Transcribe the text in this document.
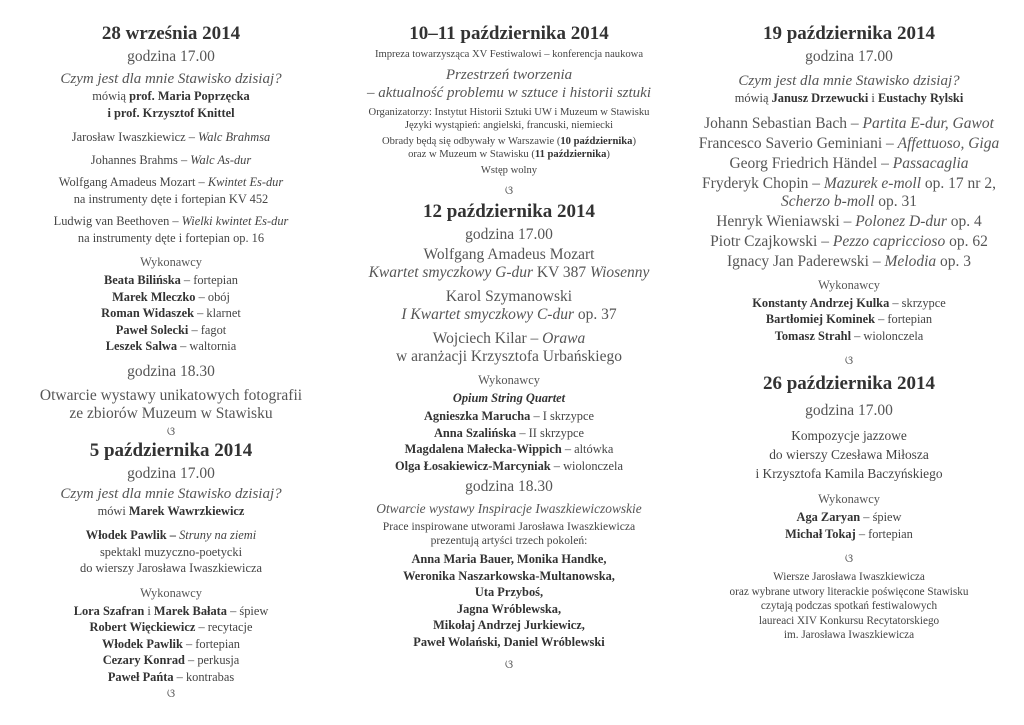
28 września 2014
godzina 17.00
Czym jest dla mnie Stawisko dzisiaj?
mówią prof. Maria Poprzęcka
i prof. Krzysztof Knittel
Jarosław Iwaszkiewicz – Walc Brahmsa
Johannes Brahms – Walc As-dur
Wolfgang Amadeus Mozart – Kwintet Es-dur
na instrumenty dęte i fortepian KV 452
Ludwig van Beethoven – Wielki kwintet Es-dur
na instrumenty dęte i fortepian op. 16
Wykonawcy
Beata Bilińska – fortepian
Marek Mleczko – obój
Roman Widaszek – klarnet
Paweł Solecki – fagot
Leszek Salwa – waltornia
godzina 18.30
Otwarcie wystawy unikatowych fotografii
ze zbiorów Muzeum w Stawisku
ଓ
5 października 2014
godzina 17.00
Czym jest dla mnie Stawisko dzisiaj?
mówi Marek Wawrzkiewicz
Włodek Pawlik – Struny na ziemi
spektakl muzyczno-poetycki
do wierszy Jarosława Iwaszkiewicza
Wykonawcy
Lora Szafran i Marek Bałata – śpiew
Robert Więckiewicz – recytacje
Włodek Pawlik – fortepian
Cezary Konrad – perkusja
Paweł Pańta – kontrabas
ଓ
10–11 października 2014
Impreza towarzysząca XV Festiwalowi – konferencja naukowa
Przestrzeń tworzenia
– aktualność problemu w sztuce i historii sztuki
Organizatorzy: Instytut Historii Sztuki UW i Muzeum w Stawisku
Języki wystąpień: angielski, francuski, niemiecki
Obrady będą się odbywały w Warszawie (10 października)
oraz w Muzeum w Stawisku (11 października)
Wstęp wolny
ଓ
12 października 2014
godzina 17.00
Wolfgang Amadeus Mozart
Kwartet smyczkowy G-dur KV 387 Wiosenny
Karol Szymanowski
I Kwartet smyczkowy C-dur op. 37
Wojciech Kilar – Orawa
w aranżacji Krzysztofa Urbańskiego
Wykonawcy
Opium String Quartet
Agnieszka Marucha – I skrzypce
Anna Szalińska – II skrzypce
Magdalena Małecka-Wippich – altówka
Olga Łosakiewicz-Marcyniak – wiolonczela
godzina 18.30
Otwarcie wystawy Inspiracje Iwaszkiewiczowskie
Prace inspirowane utworami Jarosława Iwaszkiewicza
prezentują artyści trzech pokoleń:
Anna Maria Bauer, Monika Handke,
Weronika Naszarkowska-Multanowska,
Uta Przyboś,
Jagna Wróblewska,
Mikołaj Andrzej Jurkiewicz,
Paweł Wolański, Daniel Wróblewski
ଓ
19 października 2014
godzina 17.00
Czym jest dla mnie Stawisko dzisiaj?
mówią Janusz Drzewucki i Eustachy Rylski
Johann Sebastian Bach – Partita E-dur, Gawot
Francesco Saverio Geminiani – Affettuoso, Giga
Georg Friedrich Händel – Passacaglia
Fryderyk Chopin – Mazurek e-moll op. 17 nr 2,
Scherzo b-moll op. 31
Henryk Wieniawski – Polonez D-dur op. 4
Piotr Czajkowski – Pezzo capriccioso op. 62
Ignacy Jan Paderewski – Melodia op. 3
Wykonawcy
Konstanty Andrzej Kulka – skrzypce
Bartłomiej Kominek – fortepian
Tomasz Strahl – wiolonczela
ଓ
26 października 2014
godzina 17.00
Kompozycje jazzowe
do wierszy Czesława Miłosza
i Krzysztofa Kamila Baczyńskiego
Wykonawcy
Aga Zaryan – śpiew
Michał Tokaj – fortepian
ଓ
Wiersze Jarosława Iwaszkiewicza
oraz wybrane utwory literackie poświęcone Stawisku
czytają podczas spotkań festiwalowych
laureaci XIV Konkursu Recytatorskiego
im. Jarosława Iwaszkiewicza
